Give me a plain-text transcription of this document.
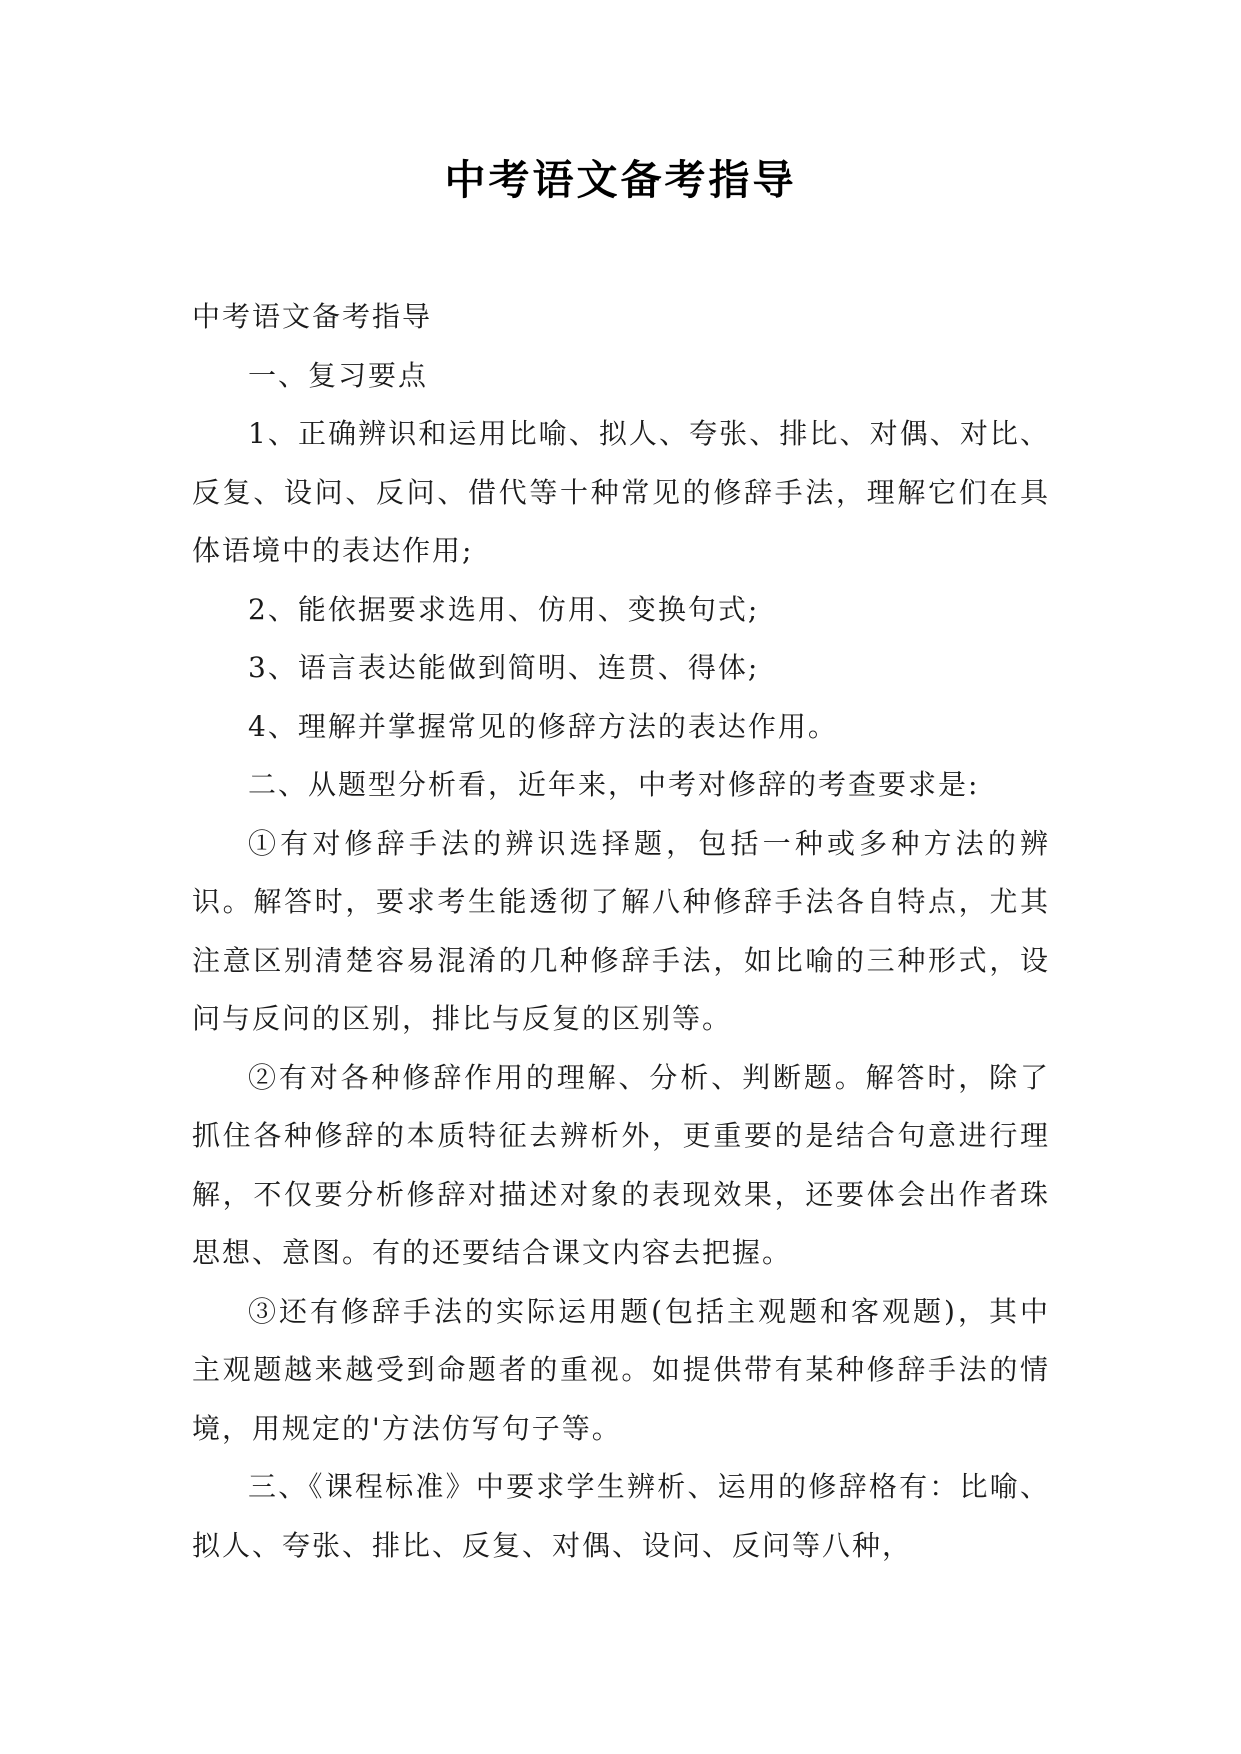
中考语文备考指导

中考语文备考指导

一、复习要点

1、正确辨识和运用比喻、拟人、夸张、排比、对偶、对比、反复、设问、反问、借代等十种常见的修辞手法，理解它们在具体语境中的表达作用;

2、能依据要求选用、仿用、变换句式;

3、语言表达能做到简明、连贯、得体;

4、理解并掌握常见的修辞方法的表达作用。

二、从题型分析看，近年来，中考对修辞的考查要求是:

①有对修辞手法的辨识选择题，包括一种或多种方法的辨识。解答时，要求考生能透彻了解八种修辞手法各自特点，尤其注意区别清楚容易混淆的几种修辞手法，如比喻的三种形式，设问与反问的区别，排比与反复的区别等。

②有对各种修辞作用的理解、分析、判断题。解答时，除了抓住各种修辞的本质特征去辨析外，更重要的是结合句意进行理解，不仅要分析修辞对描述对象的表现效果，还要体会出作者珠思想、意图。有的还要结合课文内容去把握。

③还有修辞手法的实际运用题(包括主观题和客观题)，其中主观题越来越受到命题者的重视。如提供带有某种修辞手法的情境，用规定的'方法仿写句子等。

三、《课程标准》中要求学生辨析、运用的修辞格有：比喻、拟人、夸张、排比、反复、对偶、设问、反问等八种，
